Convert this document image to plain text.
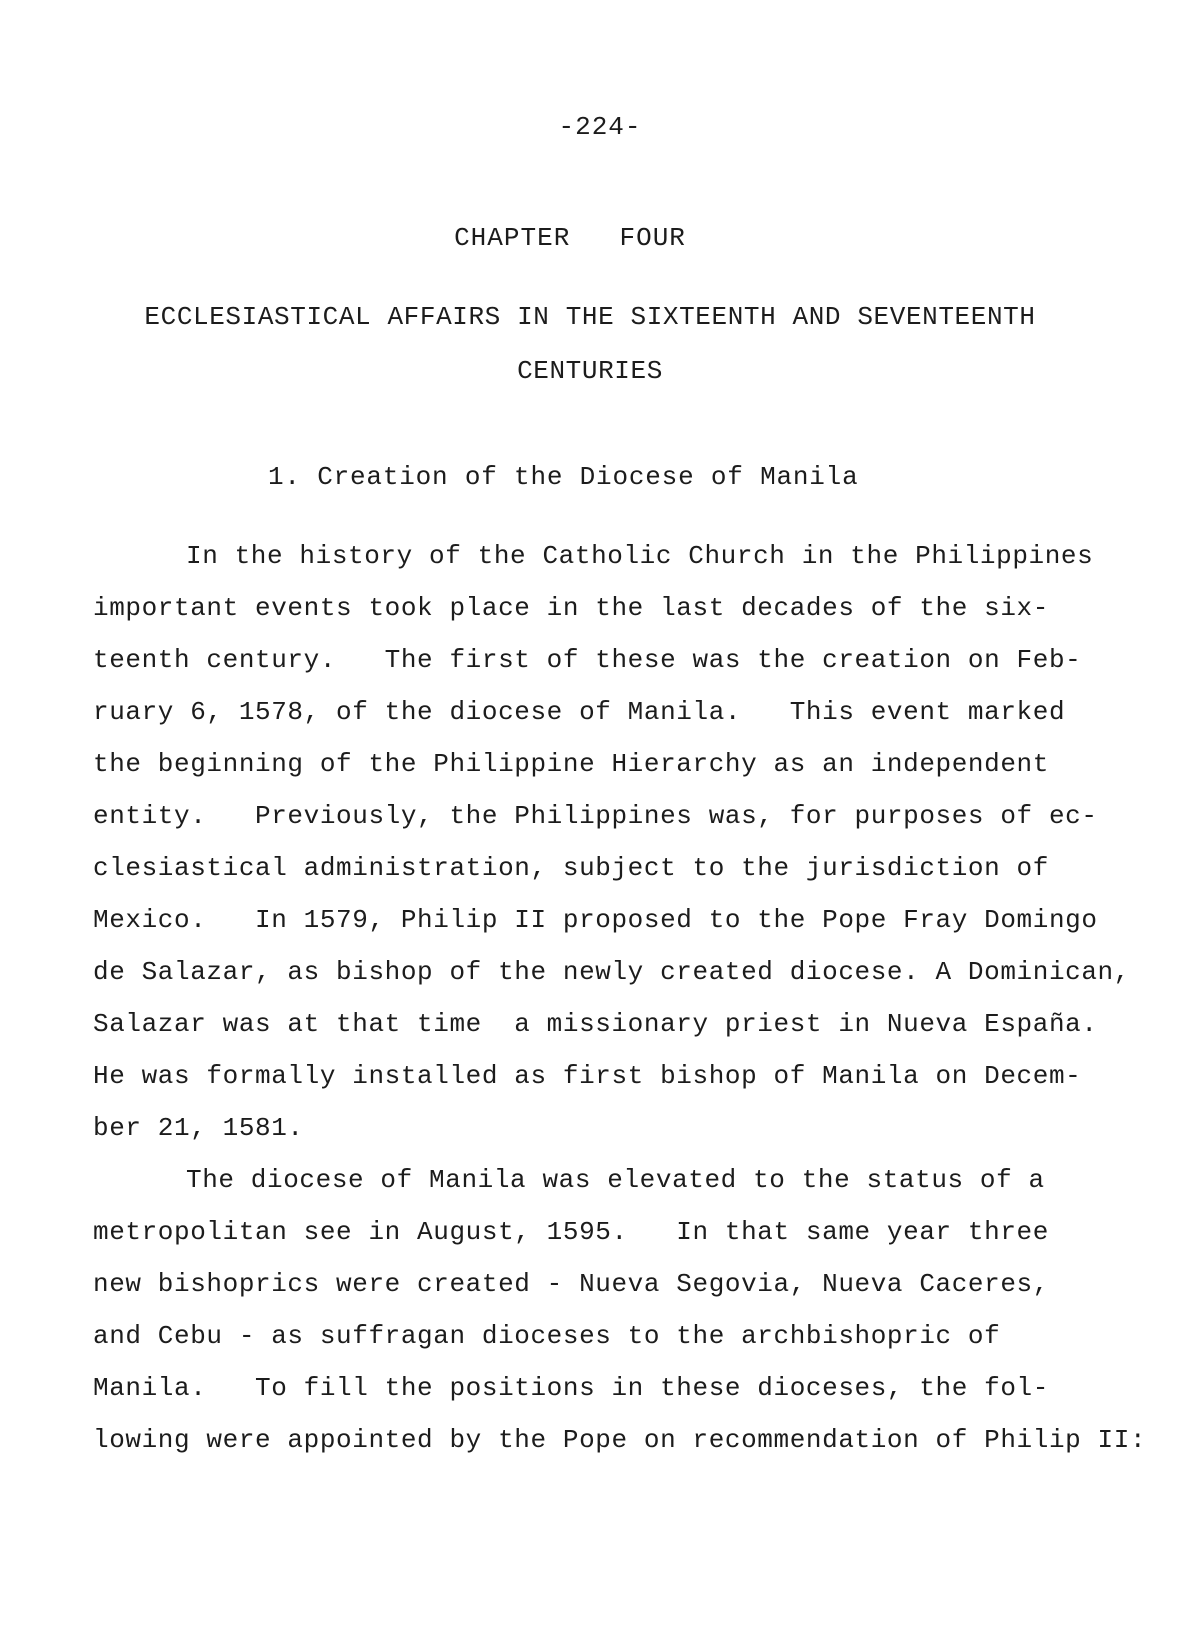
-224-
CHAPTER  FOUR
ECCLESIASTICAL AFFAIRS IN THE SIXTEENTH AND SEVENTEENTH
CENTURIES
1. Creation of the Diocese of Manila
In the history of the Catholic Church in the Philippines
important events took place in the last decades of the six-
teenth century.   The first of these was the creation on Feb-
ruary 6, 1578, of the diocese of Manila.   This event marked
the beginning of the Philippine Hierarchy as an independent
entity.   Previously, the Philippines was, for purposes of ec-
clesiastical administration, subject to the jurisdiction of
Mexico.   In 1579, Philip II proposed to the Pope Fray Domingo
de Salazar, as bishop of the newly created diocese. A Dominican,
Salazar was at that time  a missionary priest in Nueva España.
He was formally installed as first bishop of Manila on Decem-
ber 21, 1581.
The diocese of Manila was elevated to the status of a
metropolitan see in August, 1595.   In that same year three
new bishoprics were created - Nueva Segovia, Nueva Caceres,
and Cebu - as suffragan dioceses to the archbishopric of
Manila.   To fill the positions in these dioceses, the fol-
lowing were appointed by the Pope on recommendation of Philip II:
